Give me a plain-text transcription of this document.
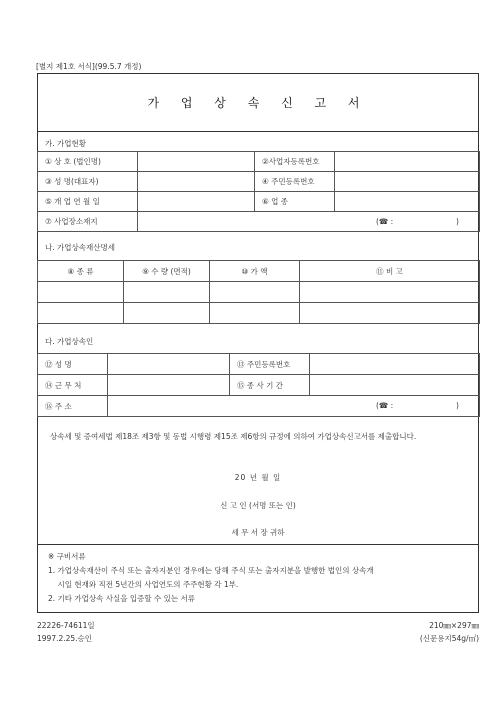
[별지 제1호 서식](99.5.7 개정)
가 업 상 속 신 고 서
가. 가업현황
① 상 호 (법인명)		②사업자등록번호	
③ 성 명(대표자)		④ 주민등록번호	
⑤ 개 업 연 월 일		⑥ 업 종	
⑦ 사업장소재지	(☎ : )		
나. 가업상속재산명세
⑧ 종 류	⑨ 수 량 (면적)	⑩ 가 액	⑪ 비 고

다. 가업상속인
⑫ 성 명		⑬ 주민등록번호	
⑭ 근 무 처		⑮ 종 사 기 간	
⑯ 주 소	(☎ : )		
상속세 및 증여세법 제18조 제3항 및 동법 시행령 제15조 제6항의 규정에 의하여 가업상속신고서를 제출합니다.
20 년 월 일
신 고 인 (서명 또는 인)
세 무 서 장 귀하
※ 구비서류
1. 가업상속재산이 주식 또는 출자지분인 경우에는 당해 주식 또는 출자지분을 발행한 법인의 상속개
시일 현재와 직전 5년간의 사업연도의 주주현황 각 1부.
2. 기타 가업상속 사실을 입증할 수 있는 서류
22226-74611일
1997.2.25.승인
210㎜×297㎜
(신문용지54g/㎡)
